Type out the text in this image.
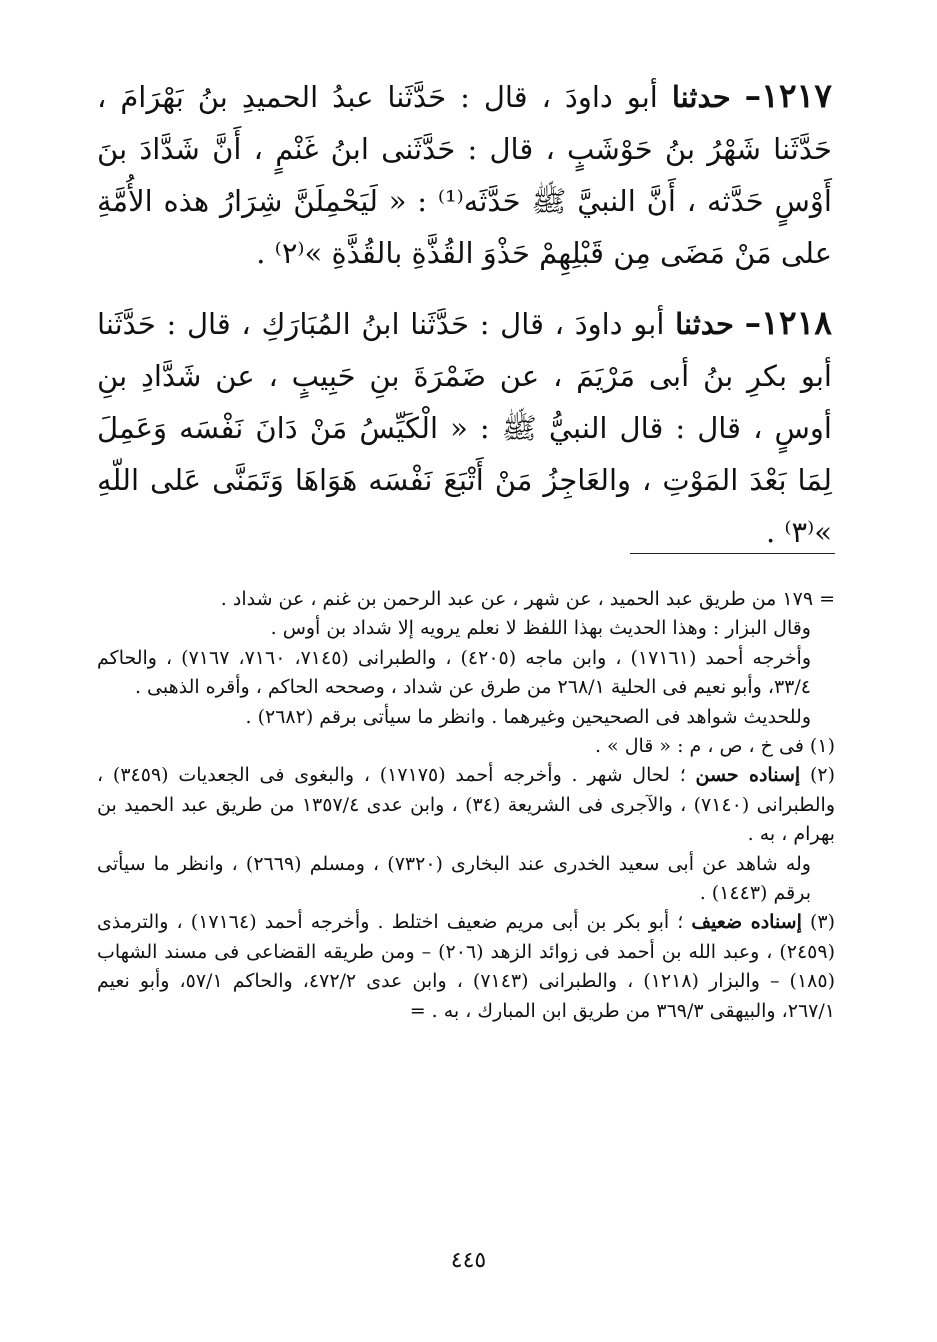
١٢١٧– حدثنا أبو داودَ ، قال : حَدَّثَنا عبدُ الحميدِ بنُ بَهْرَامَ ، حَدَّثَنا شَهْرُ بنُ حَوْشَبٍ ، قال : حَدَّثَنى ابنُ غَنْمٍ ، أَنَّ شَدَّادَ بنَ أَوْسٍ حَدَّثه ، أَنَّ النبيَّ ﷺ حَدَّثَه⁽¹⁾ : « لَيَحْمِلَنَّ شِرَارُ هذه الأُمَّةِ على مَنْ مَضَى مِن قَبْلِهِمْ حَذْوَ القُذَّةِ بالقُذَّةِ »⁽٢⁾ .

١٢١٨– حدثنا أبو داودَ ، قال : حَدَّثَنا ابنُ المُبَارَكِ ، قال : حَدَّثَنا أبو بكرِ بنُ أبى مَرْيَمَ ، عن ضَمْرَةَ بنِ حَبِيبٍ ، عن شَدَّادِ بنِ أوسٍ ، قال : قال النبيُّ ﷺ : « الْكَيِّسُ مَنْ دَانَ نَفْسَه وَعَمِلَ لِمَا بَعْدَ المَوْتِ ، والعَاجِزُ مَنْ أَتْبَعَ نَفْسَه هَوَاهَا وَتَمَنَّى عَلى اللّهِ »⁽٣⁾ .

= ١٧٩ من طريق عبد الحميد ، عن شهر ، عن عبد الرحمن بن غنم ، عن شداد .

وقال البزار : وهذا الحديث بهذا اللفظ لا نعلم يرويه إلا شداد بن أوس .

وأخرجه أحمد (١٧١٦١) ، وابن ماجه (٤٢٠٥) ، والطبرانى (٧١٤٥، ٧١٦٠، ٧١٦٧) ، والحاكم ٣٣/٤، وأبو نعيم فى الحلية ٢٦٨/١ من طرق عن شداد ، وصححه الحاكم ، وأقره الذهبى .

وللحديث شواهد فى الصحيحين وغيرهما . وانظر ما سيأتى برقم (٢٦٨٢) .

(١) فى خ ، ص ، م : « قال » .

(٢) إسناده حسن ؛ لحال شهر . وأخرجه أحمد (١٧١٧٥) ، والبغوى فى الجعديات (٣٤٥٩) ، والطبرانى (٧١٤٠) ، والآجرى فى الشريعة (٣٤) ، وابن عدى ١٣٥٧/٤ من طريق عبد الحميد بن بهرام ، به .

وله شاهد عن أبى سعيد الخدرى عند البخارى (٧٣٢٠) ، ومسلم (٢٦٦٩) ، وانظر ما سيأتى برقم (١٤٤٣) .

(٣) إسناده ضعيف ؛ أبو بكر بن أبى مريم ضعيف اختلط . وأخرجه أحمد (١٧١٦٤) ، والترمذى (٢٤٥٩) ، وعبد الله بن أحمد فى زوائد الزهد (٢٠٦) – ومن طريقه القضاعى فى مسند الشهاب (١٨٥) – والبزار (١٢١٨) ، والطبرانى (٧١٤٣) ، وابن عدى ٤٧٢/٢، والحاكم ٥٧/١، وأبو نعيم ٢٦٧/١، والبيهقى ٣٦٩/٣ من طريق ابن المبارك ، به . =

٤٤٥
